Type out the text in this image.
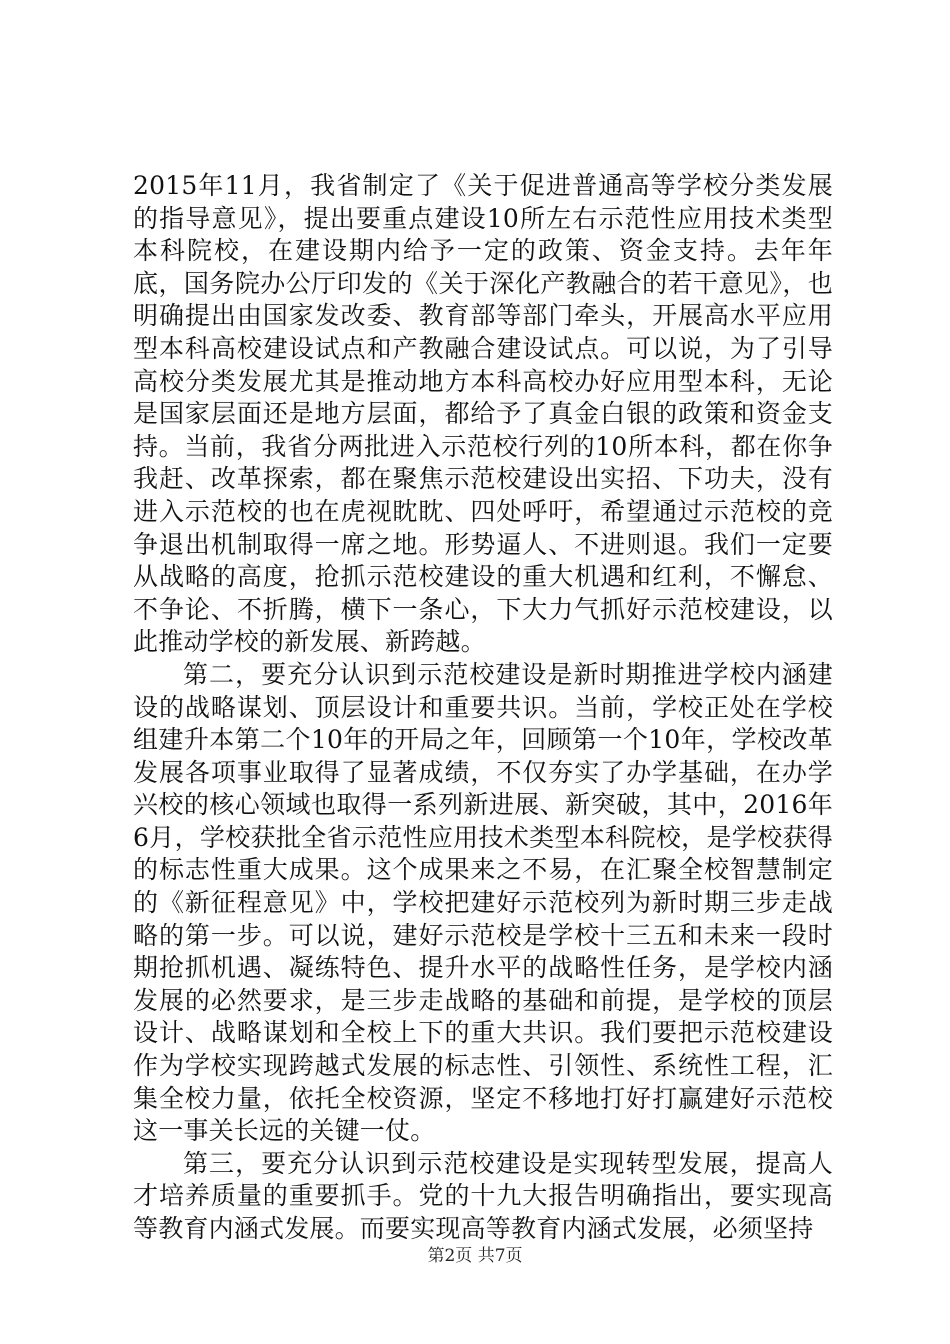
2015年11月，我省制定了《关于促进普通高等学校分类发展的指导意见》，提出要重点建设10所左右示范性应用技术类型本科院校，在建设期内给予一定的政策、资金支持。去年年底，国务院办公厅印发的《关于深化产教融合的若干意见》，也明确提出由国家发改委、教育部等部门牵头，开展高水平应用型本科高校建设试点和产教融合建设试点。可以说，为了引导高校分类发展尤其是推动地方本科高校办好应用型本科，无论是国家层面还是地方层面，都给予了真金白银的政策和资金支持。当前，我省分两批进入示范校行列的10所本科，都在你争我赶、改革探索，都在聚焦示范校建设出实招、下功夫，没有进入示范校的也在虎视眈眈、四处呼吁，希望通过示范校的竞争退出机制取得一席之地。形势逼人、不进则退。我们一定要从战略的高度，抢抓示范校建设的重大机遇和红利，不懈怠、不争论、不折腾，横下一条心，下大力气抓好示范校建设，以此推动学校的新发展、新跨越。

第二，要充分认识到示范校建设是新时期推进学校内涵建设的战略谋划、顶层设计和重要共识。当前，学校正处在学校组建升本第二个10年的开局之年，回顾第一个10年，学校改革发展各项事业取得了显著成绩，不仅夯实了办学基础，在办学兴校的核心领域也取得一系列新进展、新突破，其中，2016年6月，学校获批全省示范性应用技术类型本科院校，是学校获得的标志性重大成果。这个成果来之不易，在汇聚全校智慧制定的《新征程意见》中，学校把建好示范校列为新时期三步走战略的第一步。可以说，建好示范校是学校十三五和未来一段时期抢抓机遇、凝练特色、提升水平的战略性任务，是学校内涵发展的必然要求，是三步走战略的基础和前提，是学校的顶层设计、战略谋划和全校上下的重大共识。我们要把示范校建设作为学校实现跨越式发展的标志性、引领性、系统性工程，汇集全校力量，依托全校资源，坚定不移地打好打赢建好示范校这一事关长远的关键一仗。

第三，要充分认识到示范校建设是实现转型发展，提高人才培养质量的重要抓手。党的十九大报告明确指出，要实现高等教育内涵式发展。而要实现高等教育内涵式发展，必须坚持

第2页 共7页
